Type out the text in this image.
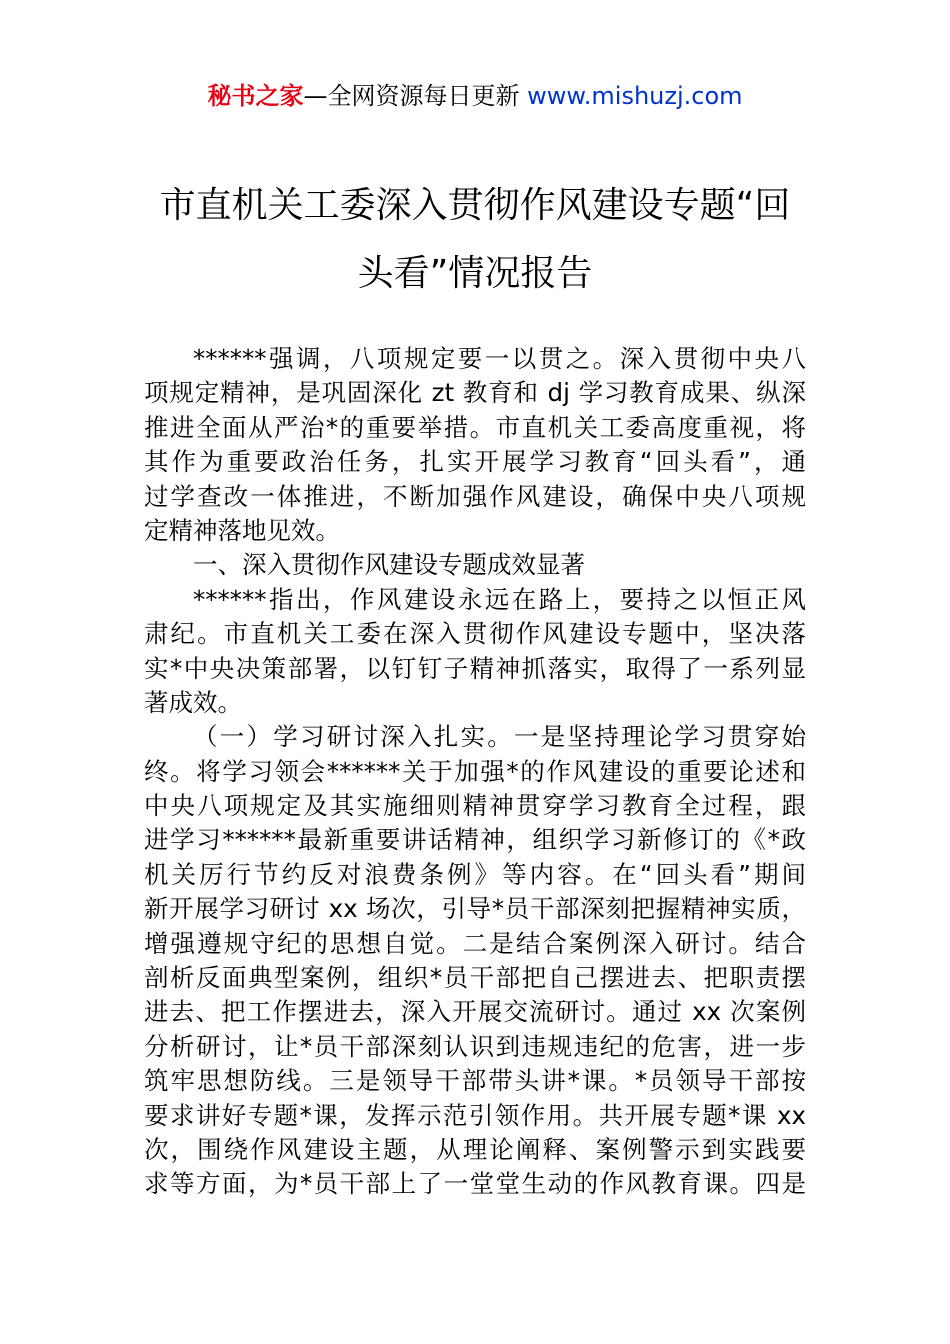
秘书之家—全网资源每日更新 www.mishuzj.com
市直机关工委深入贯彻作风建设专题“回
头看”情况报告
******强调，八项规定要一以贯之。深入贯彻中央八
项规定精神，是巩固深化 zt 教育和 dj 学习教育成果、纵深
推进全面从严治*的重要举措。市直机关工委高度重视，将
其作为重要政治任务，扎实开展学习教育“回头看”，通
过学查改一体推进，不断加强作风建设，确保中央八项规
定精神落地见效。
一、深入贯彻作风建设专题成效显著
******指出，作风建设永远在路上，要持之以恒正风
肃纪。市直机关工委在深入贯彻作风建设专题中，坚决落
实*中央决策部署，以钉钉子精神抓落实，取得了一系列显
著成效。
（一）学习研讨深入扎实。一是坚持理论学习贯穿始
终。将学习领会******关于加强*的作风建设的重要论述和
中央八项规定及其实施细则精神贯穿学习教育全过程，跟
进学习******最新重要讲话精神，组织学习新修订的《*政
机关厉行节约反对浪费条例》等内容。在“回头看”期间
新开展学习研讨 xx 场次，引导*员干部深刻把握精神实质，
增强遵规守纪的思想自觉。二是结合案例深入研讨。结合
剖析反面典型案例，组织*员干部把自己摆进去、把职责摆
进去、把工作摆进去，深入开展交流研讨。通过 xx 次案例
分析研讨，让*员干部深刻认识到违规违纪的危害，进一步
筑牢思想防线。三是领导干部带头讲*课。*员领导干部按
要求讲好专题*课，发挥示范引领作用。共开展专题*课 xx
次，围绕作风建设主题，从理论阐释、案例警示到实践要
求等方面，为*员干部上了一堂堂生动的作风教育课。四是
